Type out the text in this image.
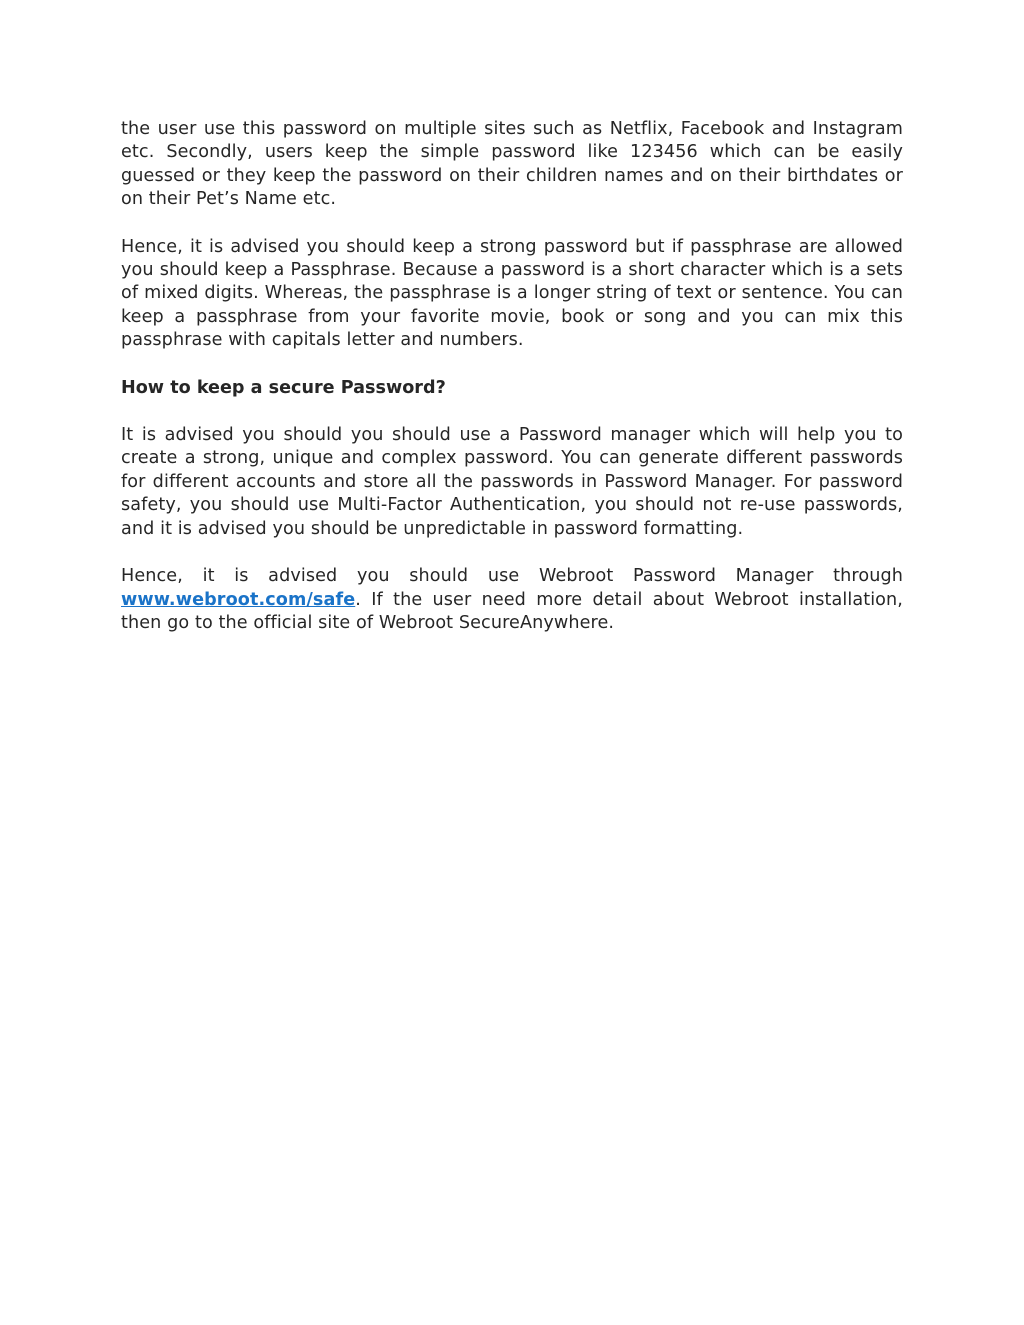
the user use this password on multiple sites such as Netflix, Facebook and Instagram etc. Secondly, users keep the simple password like 123456 which can be easily guessed or they keep the password on their children names and on their birthdates or on their Pet’s Name etc.

Hence, it is advised you should keep a strong password but if passphrase are allowed you should keep a Passphrase. Because a password is a short character which is a sets of mixed digits. Whereas, the passphrase is a longer string of text or sentence. You can keep a passphrase from your favorite movie, book or song and you can mix this passphrase with capitals letter and numbers.

How to keep a secure Password?

It is advised you should you should use a Password manager which will help you to create a strong, unique and complex password. You can generate different passwords for different accounts and store all the passwords in Password Manager. For password safety, you should use Multi-Factor Authentication, you should not re-use passwords, and it is advised you should be unpredictable in password formatting.

Hence, it is advised you should use Webroot Password Manager through www.webroot.com/safe. If the user need more detail about Webroot installation, then go to the official site of Webroot SecureAnywhere.
